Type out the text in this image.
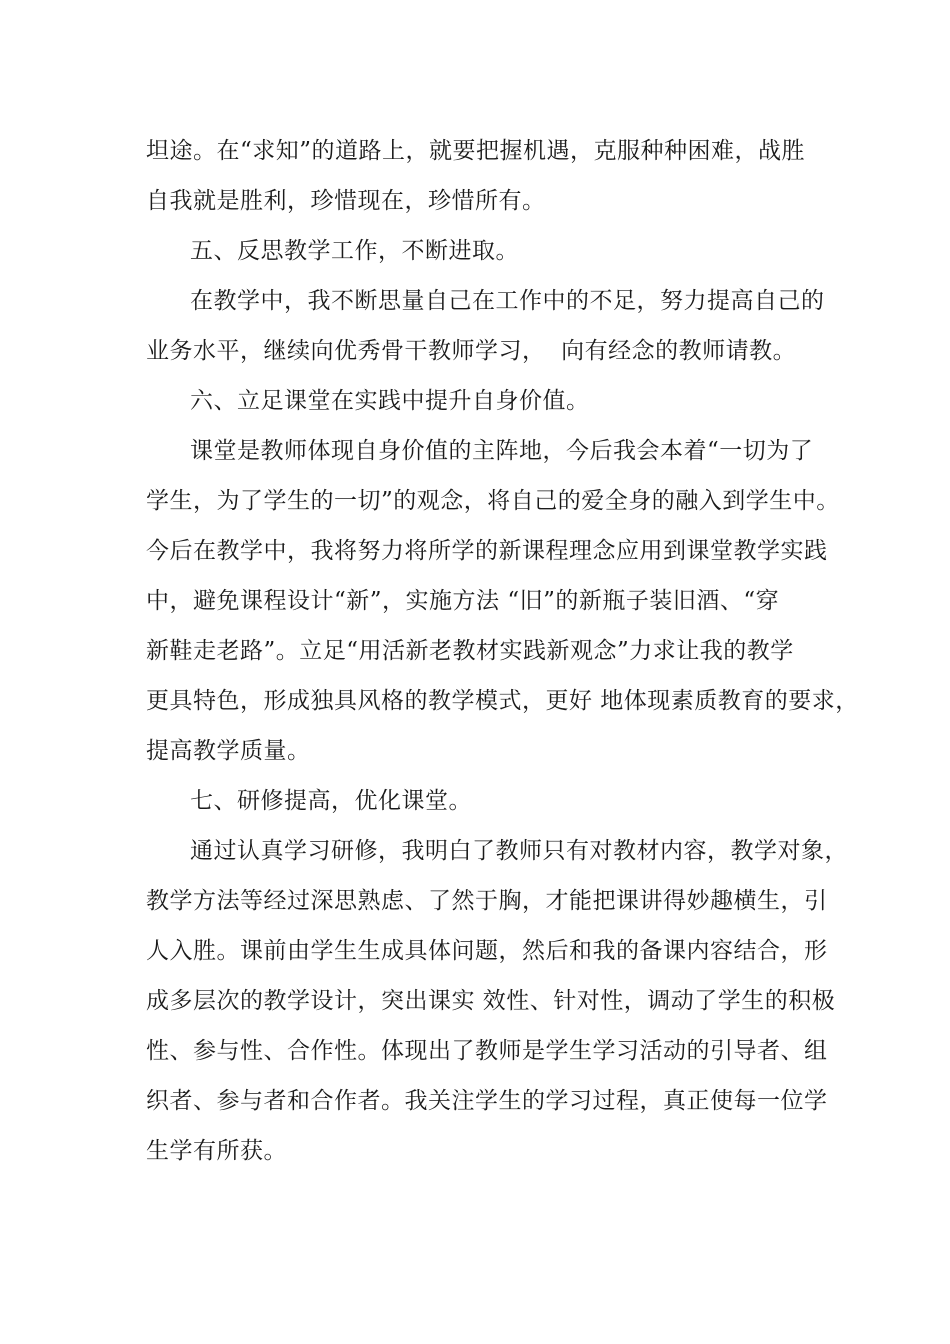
坦途。在“求知”的道路上，就要把握机遇，克服种种困难，战胜
自我就是胜利，珍惜现在，珍惜所有。
五、反思教学工作，不断进取。
在教学中，我不断思量自己在工作中的不足，努力提高自己的
业务水平，继续向优秀骨干教师学习，  向有经念的教师请教。
六、立足课堂在实践中提升自身价值。
课堂是教师体现自身价值的主阵地，今后我会本着“一切为了
学生，为了学生的一切”的观念，将自己的爱全身的融入到学生中。
今后在教学中，我将努力将所学的新课程理念应用到课堂教学实践
中，避免课程设计“新”，实施方法 “旧”的新瓶子装旧酒、“穿
新鞋走老路”。立足“用活新老教材实践新观念”力求让我的教学
更具特色，形成独具风格的教学模式，更好 地体现素质教育的要求，
提高教学质量。
七、研修提高，优化课堂。
通过认真学习研修，我明白了教师只有对教材内容，教学对象，
教学方法等经过深思熟虑、了然于胸，才能把课讲得妙趣横生，引
人入胜。课前由学生生成具体问题，然后和我的备课内容结合，形
成多层次的教学设计，突出课实 效性、针对性，调动了学生的积极
性、参与性、合作性。体现出了教师是学生学习活动的引导者、组
织者、参与者和合作者。我关注学生的学习过程，真正使每一位学
生学有所获。
